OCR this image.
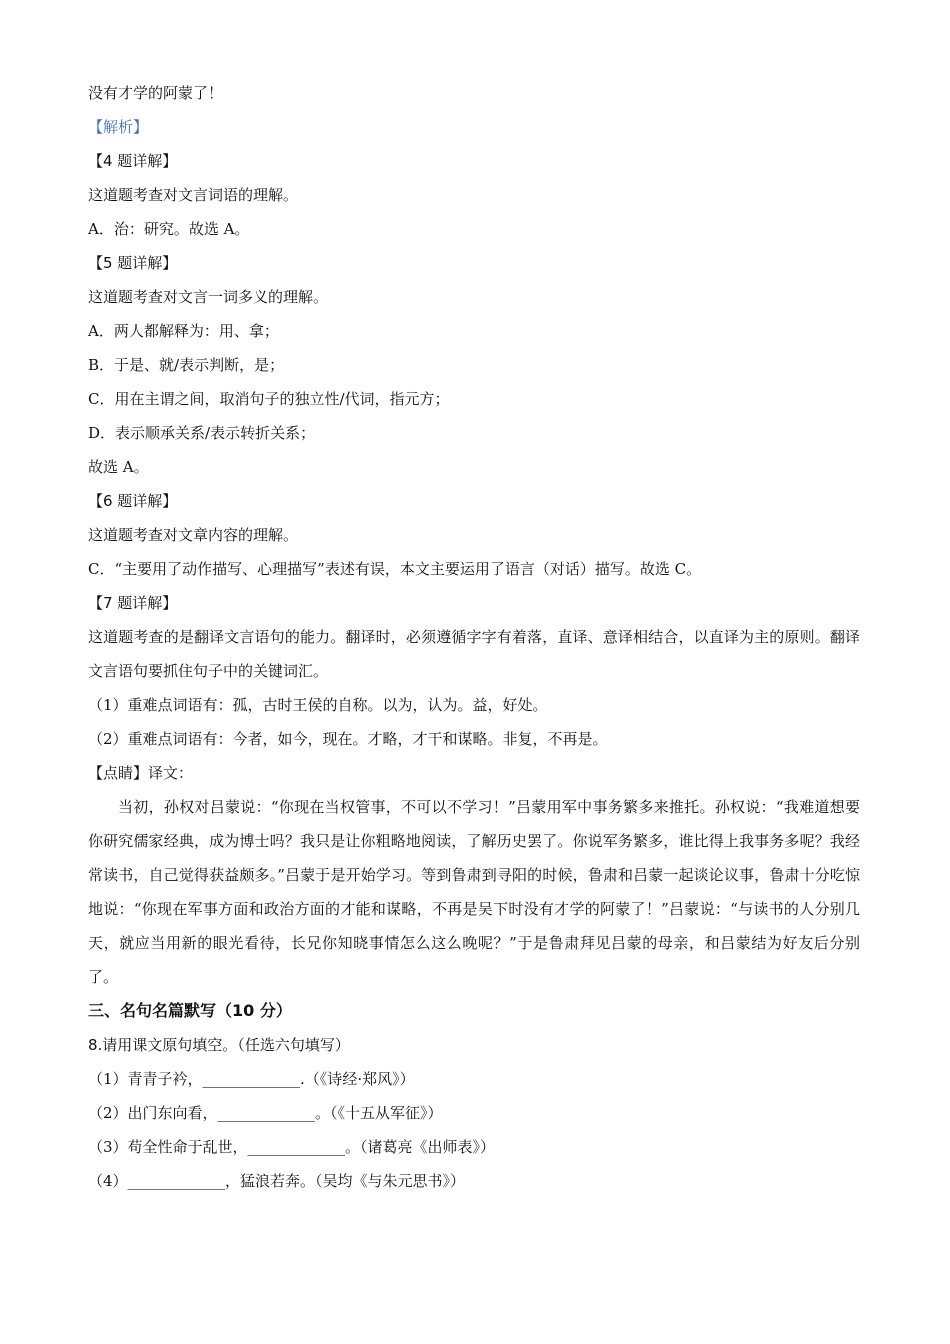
没有才学的阿蒙了！
【解析】
【4 题详解】
这道题考查对文言词语的理解。
A．治：研究。故选 A。
【5 题详解】
这道题考查对文言一词多义的理解。
A．两人都解释为：用、拿；
B．于是、就/表示判断，是；
C．用在主谓之间，取消句子的独立性/代词，指元方；
D．表示顺承关系/表示转折关系；
故选 A。
【6 题详解】
这道题考查对文章内容的理解。
C．“主要用了动作描写、心理描写”表述有误，本文主要运用了语言（对话）描写。故选 C。
【7 题详解】
这道题考查的是翻译文言语句的能力。翻译时，必须遵循字字有着落，直译、意译相结合，以直译为主的原则。翻译文言语句要抓住句子中的关键词汇。
（1）重难点词语有：孤，古时王侯的自称。以为，认为。益，好处。
（2）重难点词语有：今者，如今，现在。才略，才干和谋略。非复，不再是。
【点睛】译文：
当初，孙权对吕蒙说：“你现在当权管事，不可以不学习！”吕蒙用军中事务繁多来推托。孙权说：“我难道想要你研究儒家经典，成为博士吗？我只是让你粗略地阅读，了解历史罢了。你说军务繁多，谁比得上我事务多呢？我经常读书，自己觉得获益颇多。”吕蒙于是开始学习。等到鲁肃到寻阳的时候，鲁肃和吕蒙一起谈论议事，鲁肃十分吃惊地说：“你现在军事方面和政治方面的才能和谋略，不再是吴下时没有才学的阿蒙了！”吕蒙说：“与读书的人分别几天，就应当用新的眼光看待，长兄你知晓事情怎么这么晚呢？”于是鲁肃拜见吕蒙的母亲，和吕蒙结为好友后分别了。
三、名句名篇默写（10 分）
8.请用课文原句填空。（任选六句填写）
（1）青青子衿，_____________.（《诗经·郑风》）
（2）出门东向看，_____________。（《十五从军征》）
（3）苟全性命于乱世，_____________。（诸葛亮《出师表》）
（4）_____________，猛浪若奔。（吴均《与朱元思书》）
